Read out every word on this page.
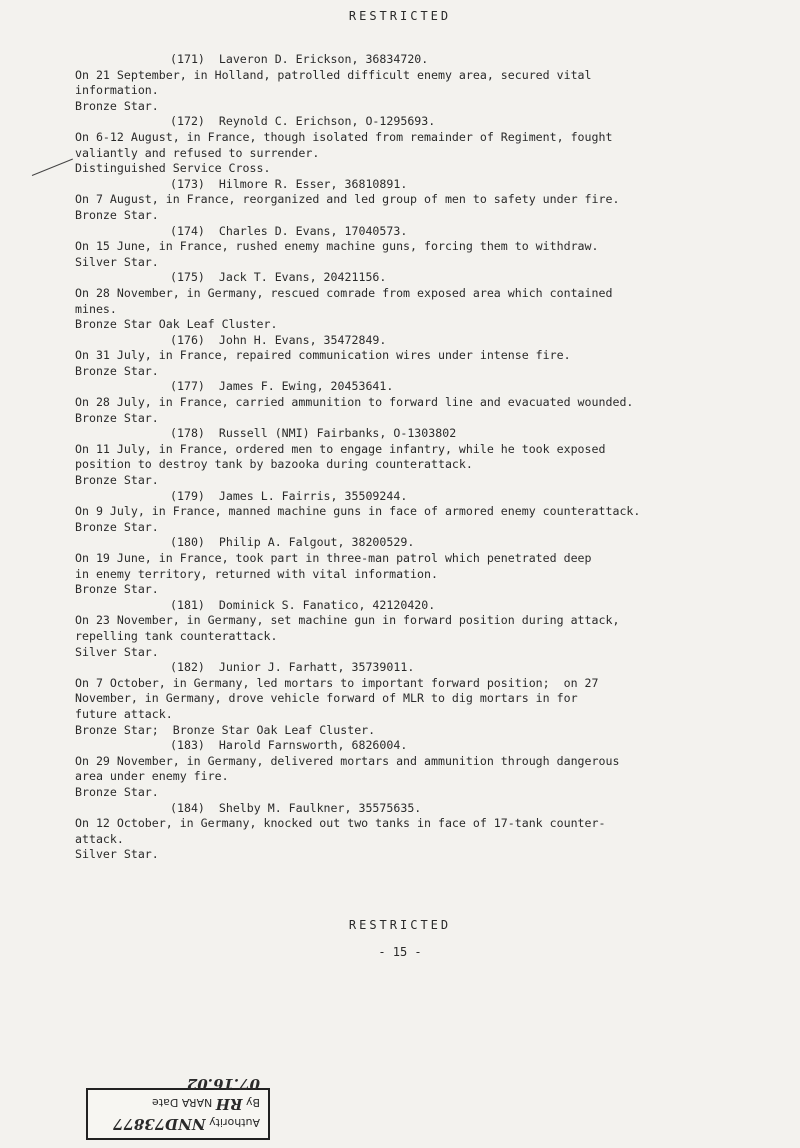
RESTRICTED
(171)  Laveron D. Erickson, 36834720.
On 21 September, in Holland, patrolled difficult enemy area, secured vital
information.
Bronze Star.
(172)  Reynold C. Erichson, O-1295693.
On 6-12 August, in France, though isolated from remainder of Regiment, fought
valiantly and refused to surrender.
Distinguished Service Cross.
(173)  Hilmore R. Esser, 36810891.
On 7 August, in France, reorganized and led group of men to safety under fire.
Bronze Star.
(174)  Charles D. Evans, 17040573.
On 15 June, in France, rushed enemy machine guns, forcing them to withdraw.
Silver Star.
(175)  Jack T. Evans, 20421156.
On 28 November, in Germany, rescued comrade from exposed area which contained
mines.
Bronze Star Oak Leaf Cluster.
(176)  John H. Evans, 35472849.
On 31 July, in France, repaired communication wires under intense fire.
Bronze Star.
(177)  James F. Ewing, 20453641.
On 28 July, in France, carried ammunition to forward line and evacuated wounded.
Bronze Star.
(178)  Russell (NMI) Fairbanks, O-1303802
On 11 July, in France, ordered men to engage infantry, while he took exposed
position to destroy tank by bazooka during counterattack.
Bronze Star.
(179)  James L. Fairris, 35509244.
On 9 July, in France, manned machine guns in face of armored enemy counterattack.
Bronze Star.
(180)  Philip A. Falgout, 38200529.
On 19 June, in France, took part in three-man patrol which penetrated deep
in enemy territory, returned with vital information.
Bronze Star.
(181)  Dominick S. Fanatico, 42120420.
On 23 November, in Germany, set machine gun in forward position during attack,
repelling tank counterattack.
Silver Star.
(182)  Junior J. Farhatt, 35739011.
On 7 October, in Germany, led mortars to important forward position;  on 27
November, in Germany, drove vehicle forward of MLR to dig mortars in for
future attack.
Bronze Star;  Bronze Star Oak Leaf Cluster.
(183)  Harold Farnsworth, 6826004.
On 29 November, in Germany, delivered mortars and ammunition through dangerous
area under enemy fire.
Bronze Star.
(184)  Shelby M. Faulkner, 35575635.
On 12 October, in Germany, knocked out two tanks in face of 17-tank counter-
attack.
Silver Star.
RESTRICTED
- 15 -
Authority NND73877
By RH NARA Date 07.16.02
